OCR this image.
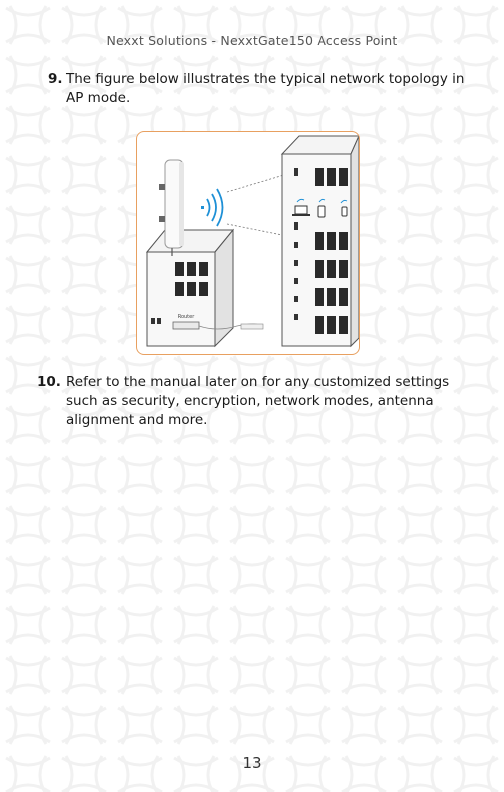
Nexxt Solutions - NexxtGate150 Access Point
9. The figure below illustrates the typical network topology in AP mode.
Router
10. Refer to the manual later on for any customized settings such as security, encryption, network modes, antenna alignment and more.
13
